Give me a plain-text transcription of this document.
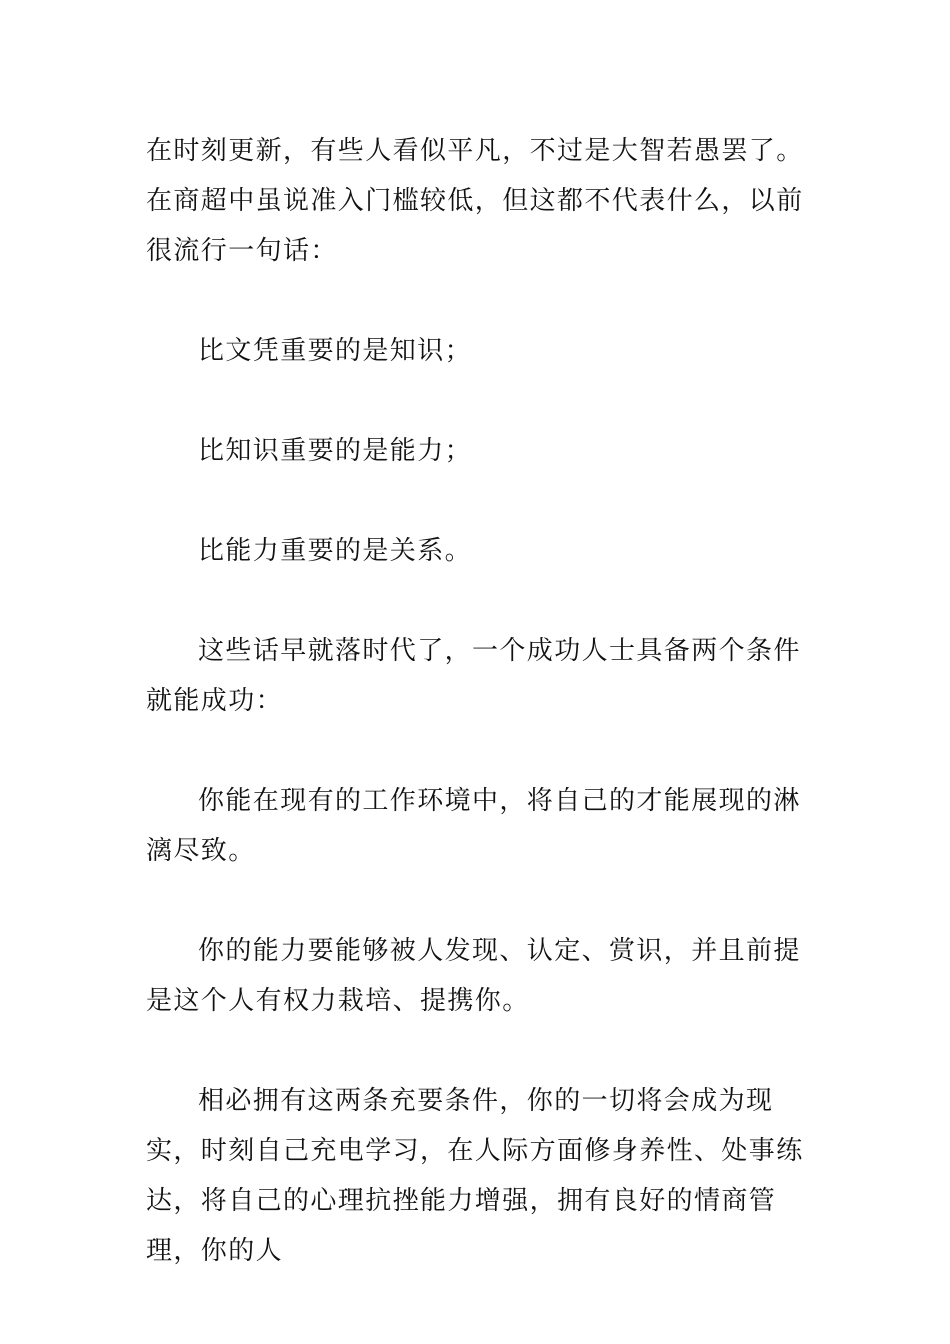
在时刻更新，有些人看似平凡，不过是大智若愚罢了。在商超中虽说准入门槛较低，但这都不代表什么，以前很流行一句话：

比文凭重要的是知识；

比知识重要的是能力；

比能力重要的是关系。

这些话早就落时代了，一个成功人士具备两个条件就能成功：

你能在现有的工作环境中，将自己的才能展现的淋漓尽致。

你的能力要能够被人发现、认定、赏识，并且前提是这个人有权力栽培、提携你。

相必拥有这两条充要条件，你的一切将会成为现实，时刻自己充电学习，在人际方面修身养性、处事练达，将自己的心理抗挫能力增强，拥有良好的情商管理，你的人
